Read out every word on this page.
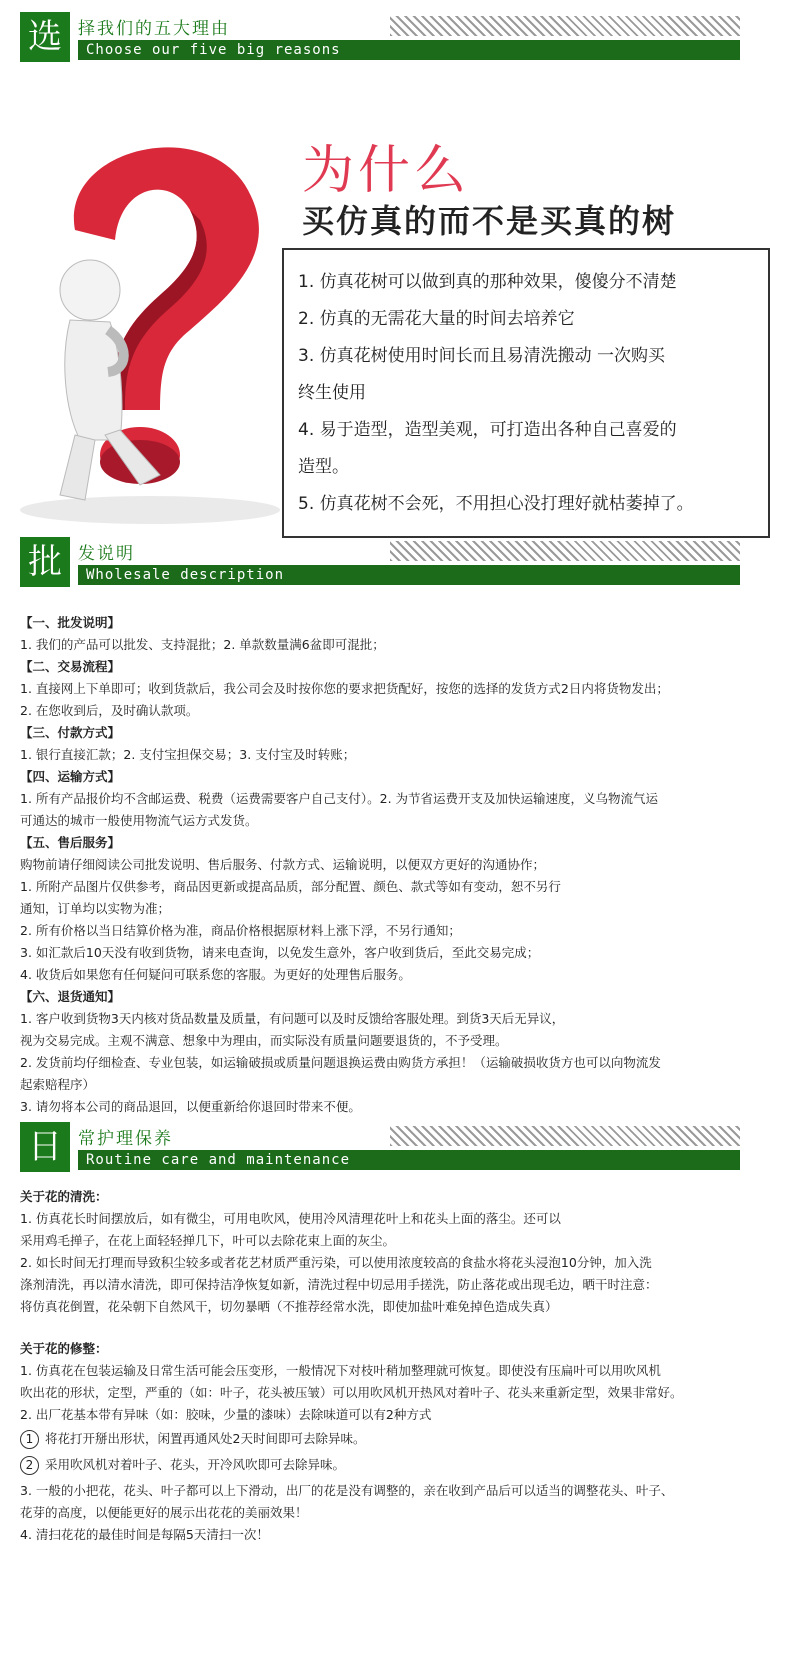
选 择我们的五大理由
Choose our five big reasons
为什么
买仿真的而不是买真的树

1. 仿真花树可以做到真的那种效果，傻傻分不清楚

2. 仿真的无需花大量的时间去培养它

3. 仿真花树使用时间长而且易清洗搬动 一次购买

终生使用

4. 易于造型，造型美观，可打造出各种自己喜爱的

造型。

5. 仿真花树不会死，不用担心没打理好就枯萎掉了。

批 发说明
Wholesale description

【一、批发说明】

1. 我们的产品可以批发、支持混批；2. 单款数量满6盆即可混批；

【二、交易流程】

1. 直接网上下单即可；收到货款后，我公司会及时按你您的要求把货配好，按您的选择的发货方式2日内将货物发出；

2. 在您收到后，及时确认款项。

【三、付款方式】

1. 银行直接汇款；2. 支付宝担保交易；3. 支付宝及时转账；

【四、运输方式】

1. 所有产品报价均不含邮运费、税费（运费需要客户自己支付）。2. 为节省运费开支及加快运输速度，义乌物流气运

可通达的城市一般使用物流气运方式发货。

【五、售后服务】

购物前请仔细阅读公司批发说明、售后服务、付款方式、运输说明，以便双方更好的沟通协作；

1. 所附产品图片仅供参考，商品因更新或提高品质，部分配置、颜色、款式等如有变动，恕不另行

通知，订单均以实物为准；

2. 所有价格以当日结算价格为准，商品价格根据原材料上涨下浮，不另行通知；

3. 如汇款后10天没有收到货物，请来电查询，以免发生意外，客户收到货后，至此交易完成；

4. 收货后如果您有任何疑问可联系您的客服。为更好的处理售后服务。

【六、退货通知】

1. 客户收到货物3天内核对货品数量及质量，有问题可以及时反馈给客服处理。到货3天后无异议，

视为交易完成。主观不满意、想象中为理由，而实际没有质量问题要退货的，不予受理。

2. 发货前均仔细检查、专业包装，如运输破损或质量问题退换运费由购货方承担！（运输破损收货方也可以向物流发

起索赔程序）

3. 请勿将本公司的商品退回，以便重新给你退回时带来不便。

日 常护理保养
Routine care and maintenance

关于花的清洗：

1. 仿真花长时间摆放后，如有微尘，可用电吹风，使用冷风清理花叶上和花头上面的落尘。还可以

采用鸡毛掸子，在花上面轻轻掸几下，叶可以去除花束上面的灰尘。

2. 如长时间无打理而导致积尘较多或者花艺材质严重污染，可以使用浓度较高的食盐水将花头浸泡10分钟，加入洗

涤剂清洗，再以清水清洗，即可保持洁净恢复如新，清洗过程中切忌用手搓洗，防止落花或出现毛边，晒干时注意：

将仿真花倒置，花朵朝下自然风干，切勿暴晒（不推荐经常水洗，即使加盐叶难免掉色造成失真）

关于花的修整：

1. 仿真花在包装运输及日常生活可能会压变形，一般情况下对枝叶稍加整理就可恢复。即使没有压扁叶可以用吹风机

吹出花的形状，定型，严重的（如：叶子，花头被压皱）可以用吹风机开热风对着叶子、花头来重新定型，效果非常好。

2. 出厂花基本带有异味（如：胶味，少量的漆味）去除味道可以有2种方式

1 将花打开掰出形状，闲置再通风处2天时间即可去除异味。

2 采用吹风机对着叶子、花头，开冷风吹即可去除异味。

3. 一般的小把花，花头、叶子都可以上下滑动，出厂的花是没有调整的，亲在收到产品后可以适当的调整花头、叶子、

花芽的高度，以便能更好的展示出花花的美丽效果！

4. 清扫花花的最佳时间是每隔5天清扫一次！
